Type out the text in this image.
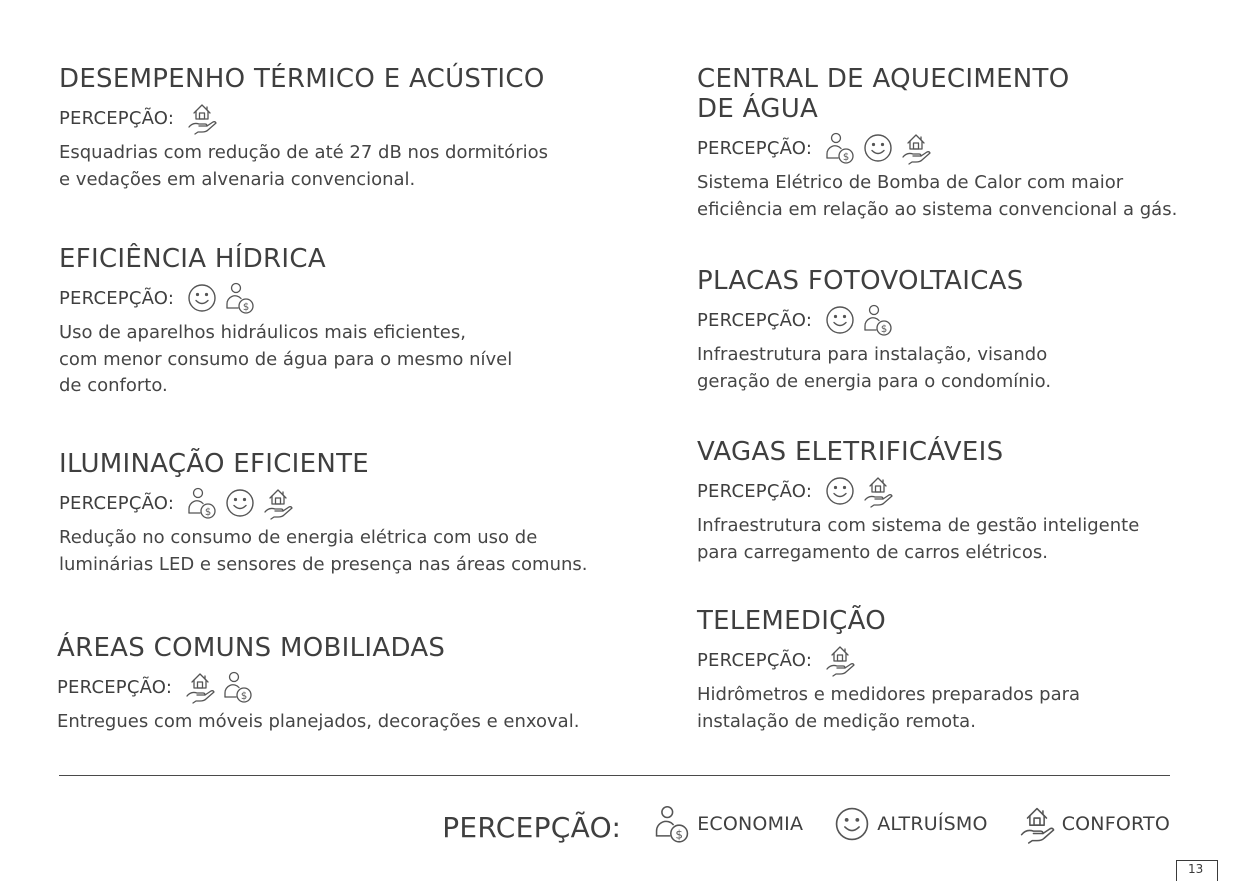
DESEMPENHO TÉRMICO E ACÚSTICO
PERCEPÇÃO:
Esquadrias com redução de até 27 dB nos dormitórios
e vedações em alvenaria convencional.
EFICIÊNCIA HÍDRICA
PERCEPÇÃO:	$
Uso de aparelhos hidráulicos mais eficientes,
com menor consumo de água para o mesmo nível
de conforto.
ILUMINAÇÃO EFICIENTE
PERCEPÇÃO:	$
Redução no consumo de energia elétrica com uso de
luminárias LED e sensores de presença nas áreas comuns.
ÁREAS COMUNS MOBILIADAS
PERCEPÇÃO:	$
Entregues com móveis planejados, decorações e enxoval.
CENTRAL DE AQUECIMENTO
DE ÁGUA
PERCEPÇÃO:	$
Sistema Elétrico de Bomba de Calor com maior
eficiência em relação ao sistema convencional a gás.
PLACAS FOTOVOLTAICAS
PERCEPÇÃO:	$
Infraestrutura para instalação, visando
geração de energia para o condomínio.
VAGAS ELETRIFICÁVEIS
PERCEPÇÃO:
Infraestrutura com sistema de gestão inteligente
para carregamento de carros elétricos.
TELEMEDIÇÃO
PERCEPÇÃO:
Hidrômetros e medidores preparados para
instalação de medição remota.
PERCEPÇÃO:	$ ECONOMIA	ALTRUÍSMO	CONFORTO
13
